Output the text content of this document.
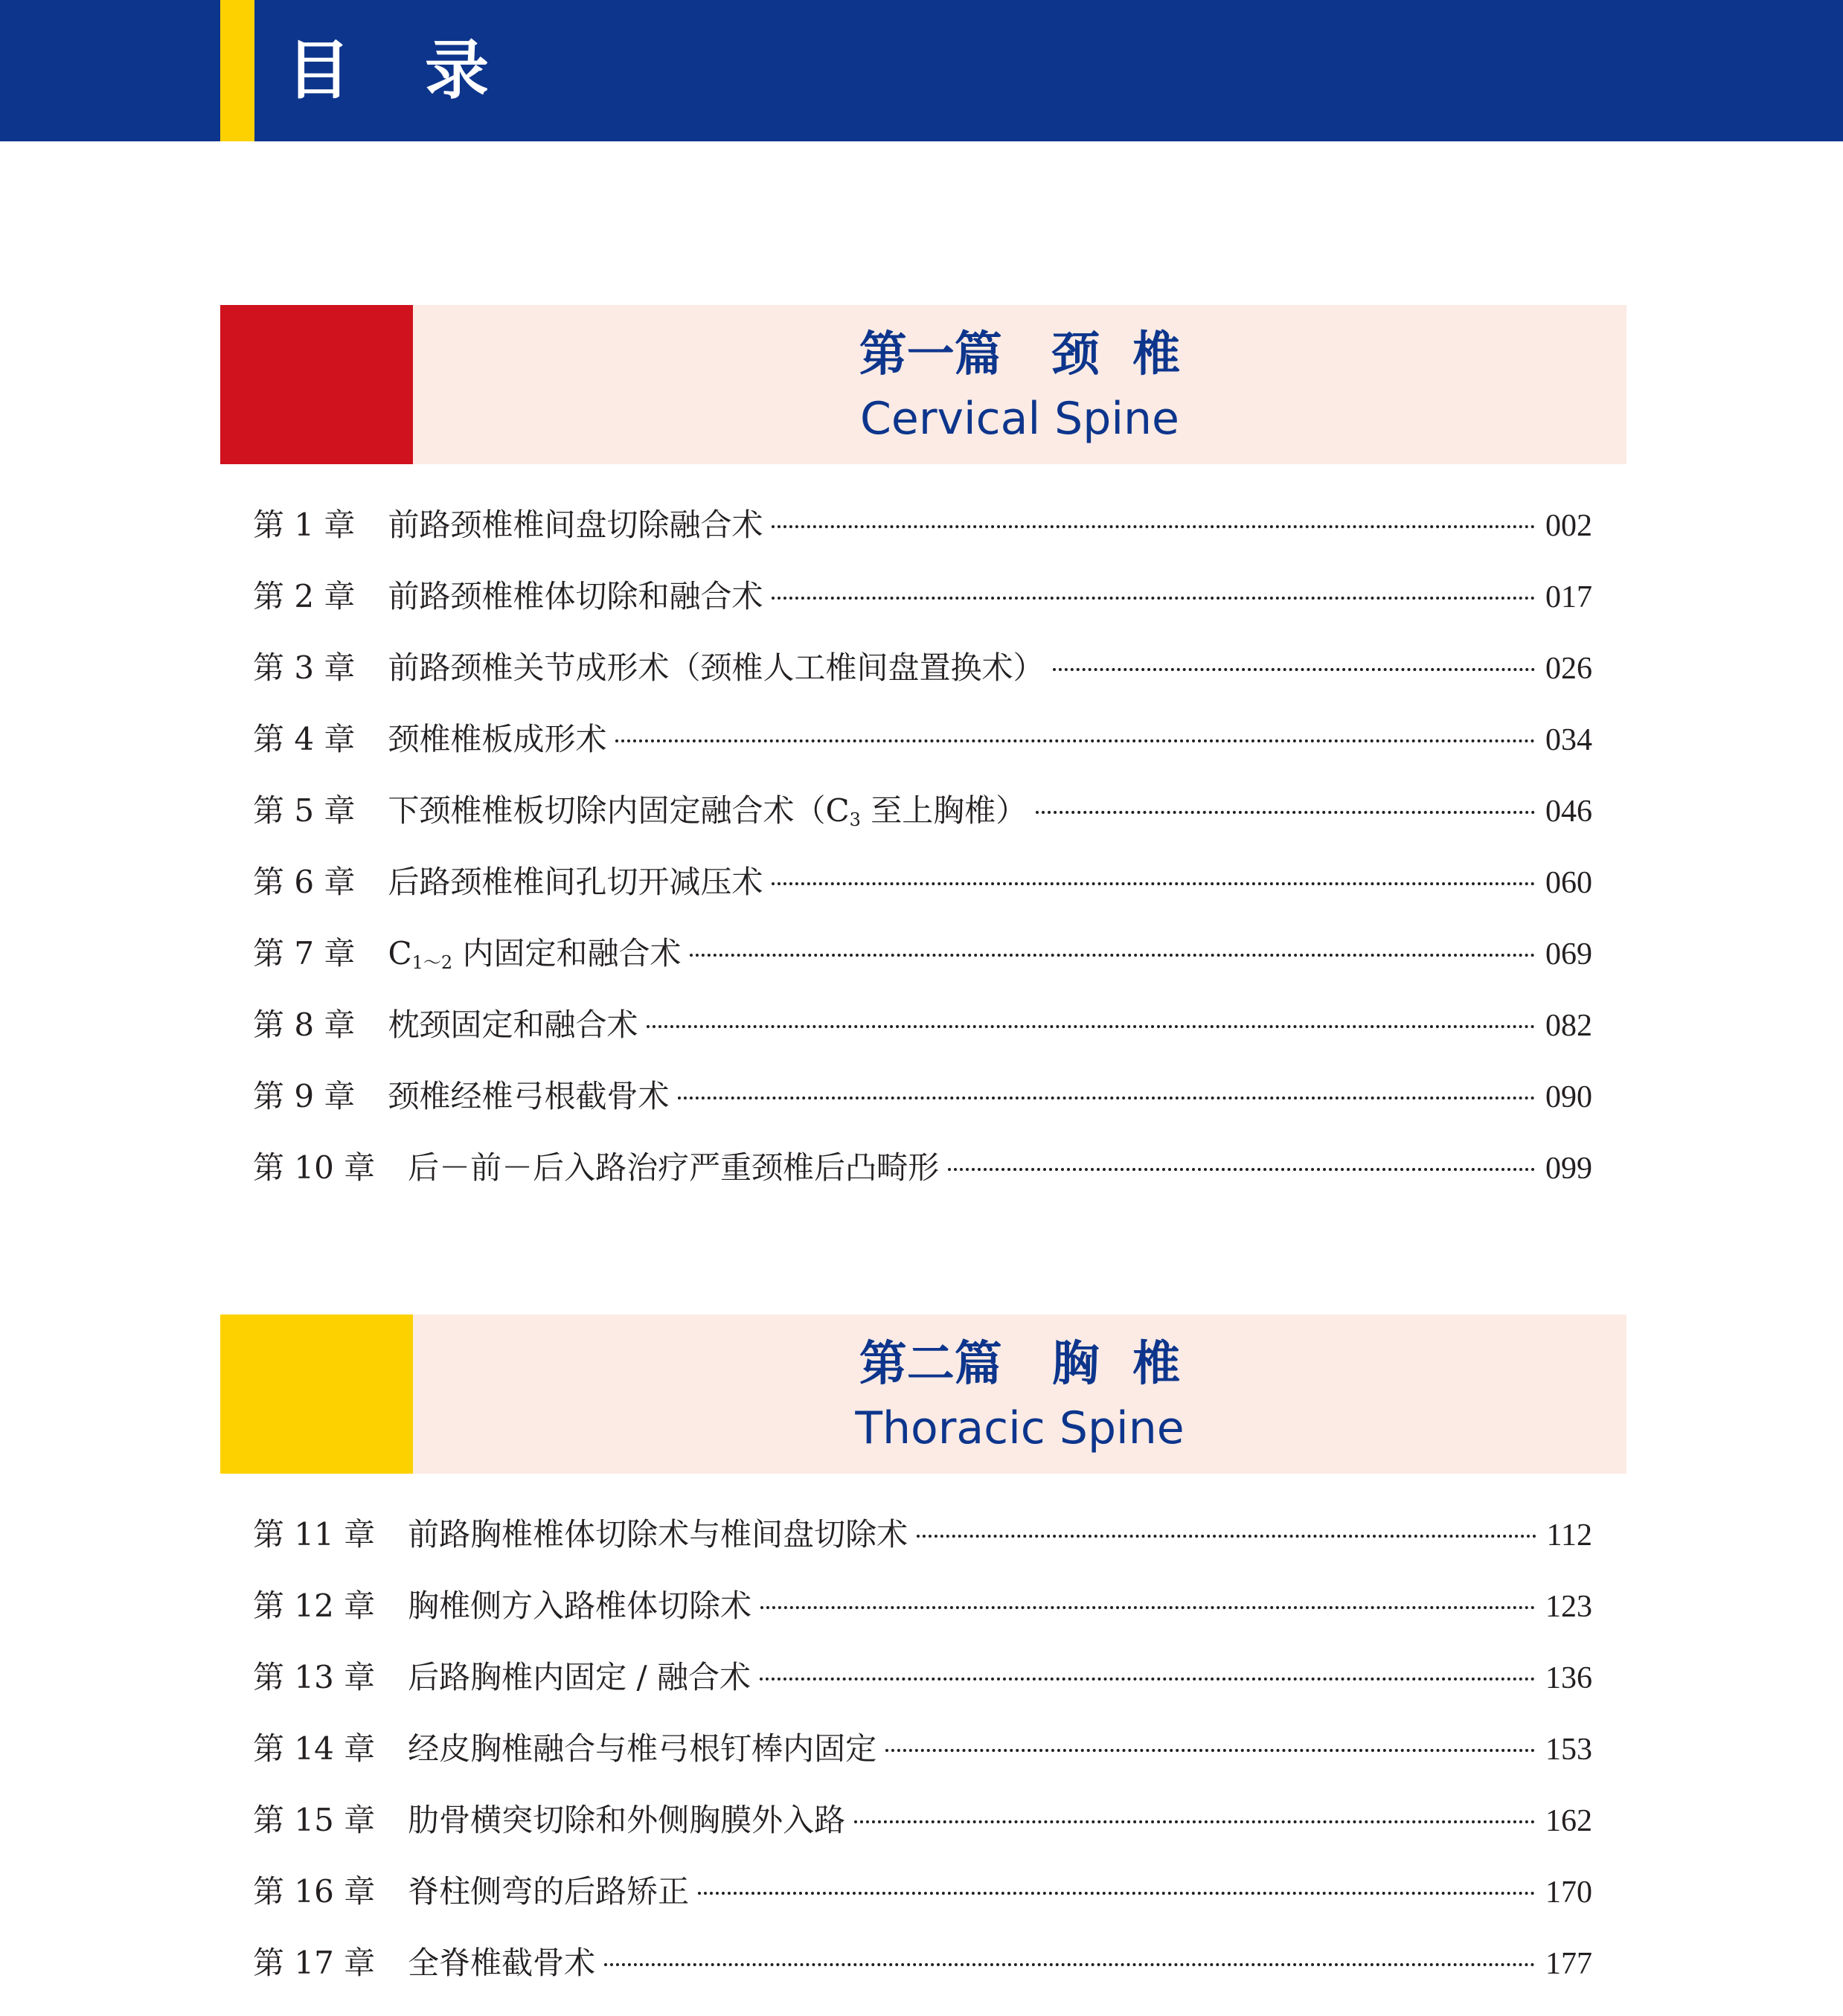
目录
第一篇   颈  椎
Cervical Spine
第 1 章 前路颈椎椎间盘切除融合术	002
第 2 章 前路颈椎椎体切除和融合术	017
第 3 章 前路颈椎关节成形术（颈椎人工椎间盘置换术）	026
第 4 章 颈椎椎板成形术	034
第 5 章 下颈椎椎板切除内固定融合术（$C_3$ 至上胸椎）	046
第 6 章 后路颈椎椎间孔切开减压术	060
第 7 章 $C_{1\sim 2}$ 内固定和融合术	069
第 8 章 枕颈固定和融合术	082
第 9 章 颈椎经椎弓根截骨术	090
第 10 章 后－前－后入路治疗严重颈椎后凸畸形	099
第二篇   胸  椎
Thoracic Spine
第 11 章 前路胸椎椎体切除术与椎间盘切除术	112
第 12 章 胸椎侧方入路椎体切除术	123
第 13 章 后路胸椎内固定 / 融合术	136
第 14 章 经皮胸椎融合与椎弓根钉棒内固定	153
第 15 章 肋骨横突切除和外侧胸膜外入路	162
第 16 章 脊柱侧弯的后路矫正	170
第 17 章 全脊椎截骨术	177
